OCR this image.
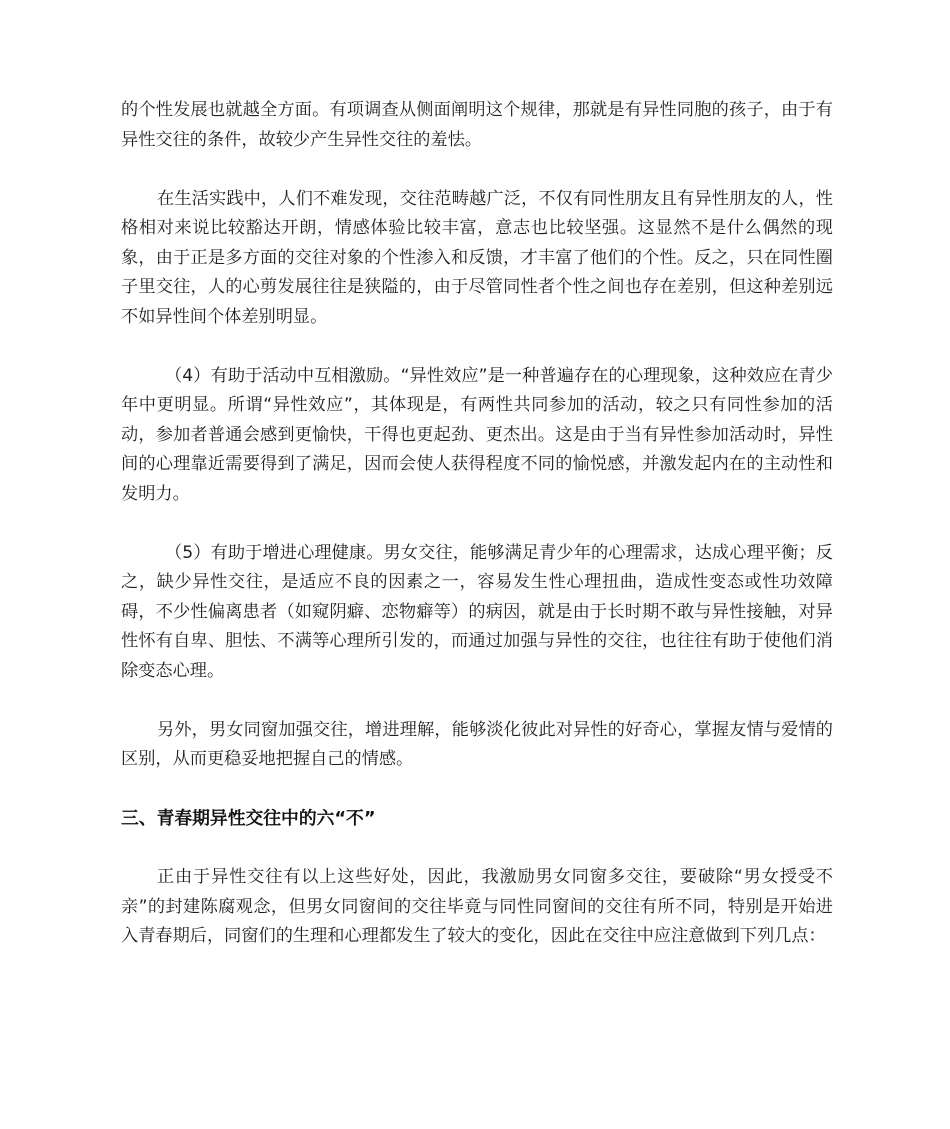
的个性发展也就越全方面。有项调查从侧面阐明这个规律，那就是有异性同胞的孩子，由于有异性交往的条件，故较少产生异性交往的羞怯。

在生活实践中，人们不难发现，交往范畴越广泛，不仅有同性朋友且有异性朋友的人，性格相对来说比较豁达开朗，情感体验比较丰富，意志也比较坚强。这显然不是什么偶然的现象，由于正是多方面的交往对象的个性渗入和反馈，才丰富了他们的个性。反之，只在同性圈子里交往，人的心剪发展往往是狭隘的，由于尽管同性者个性之间也存在差别，但这种差别远不如异性间个体差别明显。

（4）有助于活动中互相激励。“异性效应”是一种普遍存在的心理现象，这种效应在青少年中更明显。所谓“异性效应”，其体现是，有两性共同参加的活动，较之只有同性参加的活动，参加者普通会感到更愉快，干得也更起劲、更杰出。这是由于当有异性参加活动时，异性间的心理靠近需要得到了满足，因而会使人获得程度不同的愉悦感，并激发起内在的主动性和发明力。

（5）有助于增进心理健康。男女交往，能够满足青少年的心理需求，达成心理平衡；反之，缺少异性交往，是适应不良的因素之一，容易发生性心理扭曲，造成性变态或性功效障碍，不少性偏离患者（如窥阴癖、恋物癖等）的病因，就是由于长时期不敢与异性接触，对异性怀有自卑、胆怯、不满等心理所引发的，而通过加强与异性的交往，也往往有助于使他们消除变态心理。

另外，男女同窗加强交往，增进理解，能够淡化彼此对异性的好奇心，掌握友情与爱情的区别，从而更稳妥地把握自己的情感。

三、青春期异性交往中的六“不”

正由于异性交往有以上这些好处，因此，我激励男女同窗多交往，要破除“男女授受不亲”的封建陈腐观念，但男女同窗间的交往毕竟与同性同窗间的交往有所不同，特别是开始进入青春期后，同窗们的生理和心理都发生了较大的变化，因此在交往中应注意做到下列几点：
